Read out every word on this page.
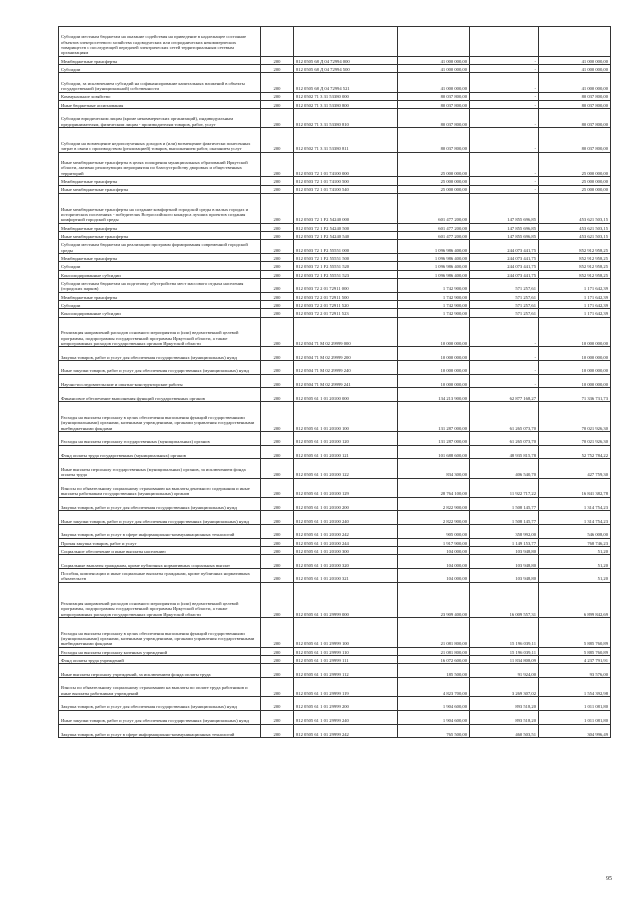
Субсидии местным бюджетам на оказание содействия на приведение в надлежащее состояние объектов электросетевого хозяйства садоводческих или огороднических некоммерческих товариществ с последующей передачей электрических сетей территориальным сетевым организациям					
Межбюджетные трансферты	200	812 0505 68 Д 04 72994 000	41 000 000,00	-	41 000 000,00
Субсидии	200	812 0505 68 Д 04 72994 500	41 000 000,00	-	41 000 000,00
Субсидии, за исключением субсидий на софинансирование капитальных вложений в объекты государственной (муниципальной) собственности	200	812 0505 68 Д 04 72994 521	41 000 000,00	-	41 000 000,00
Коммунальное хозяйство	200	812 0502 71 3 31 53380 000	80 037 800,00	-	80 037 800,00
Иные бюджетные ассигнования	200	812 0502 71 3 31 53380 800	80 037 800,00	-	80 037 800,00
Субсидии юридическим лицам (кроме некоммерческих организаций), индивидуальным предпринимателям, физическим лицам - производителям товаров, работ, услуг	200	812 0502 71 3 31 53380 810	80 037 800,00	-	80 037 800,00
Субсидии на возмещение недополученных доходов и (или) возмещение фактически понесенных затрат в связи с производством (реализацией) товаров, выполнением работ, оказанием услуг	200	812 0502 71 3 31 53380 811	80 037 800,00	-	80 037 800,00
Иные межбюджетные трансферты в целях поощрения муниципальных образований Иркутской области, активно реализующих мероприятия по благоустройству дворовых и общественных территорий	200	812 0503 72 1 01 74100 000	25 000 000,00	-	25 000 000,00
Межбюджетные трансферты	200	812 0503 72 1 01 74100 500	25 000 000,00	-	25 000 000,00
Иные межбюджетные трансферты	200	812 0503 72 1 01 74100 540	25 000 000,00	-	25 000 000,00
Иные межбюджетные трансферты на создание комфортной городской среды в малых городах и исторических поселениях - победителях Всероссийского конкурса лучших проектов создания комфортной городской среды	200	812 0503 72 1 F2 54240 000	601 477 200,00	147 855 696,85	453 621 503,15
Межбюджетные трансферты	200	812 0503 72 1 F2 54240 500	601 477 200,00	147 855 696,85	453 621 503,15
Иные межбюджетные трансферты	200	812 0503 72 1 F2 54240 540	601 477 200,00	147 855 696,85	453 621 503,15
Субсидии местным бюджетам на реализацию программ формирования современной городской среды	200	812 0503 72 1 F2 55551 000	1 096 986 400,00	244 073 441,75	852 912 958,25
Межбюджетные трансферты	200	812 0503 72 1 F2 55551 500	1 096 986 400,00	244 073 441,75	852 912 958,25
Субсидии	200	812 0503 72 1 F2 55551 520	1 096 986 400,00	244 073 441,75	852 912 958,25
Консолидированные субсидии	200	812 0503 72 1 F2 55551 523	1 096 986 400,00	244 073 441,75	852 912 958,25
Субсидии местным бюджетам на подготовку обустройства мест массового отдыха населения (городских парков)	200	812 0503 72 2 01 72911 000	1 742 900,00	571 257,61	1 171 642,39
Межбюджетные трансферты	200	812 0503 72 2 01 72911 500	1 742 900,00	571 257,61	1 171 642,39
Субсидии	200	812 0503 72 2 01 72911 520	1 742 900,00	571 257,61	1 171 642,39
Консолидированные субсидии	200	812 0503 72 2 01 72911 523	1 742 900,00	571 257,61	1 171 642,39
Реализация направлений расходов основного мероприятия и (или) ведомственной целевой программы, подпрограммы государственной программы Иркутской области, а также непрограммных расходов государственных органов Иркутской области	200	812 0504 71 М 02 29999 000	10 000 000,00	-	10 000 000,00
Закупка товаров, работ и услуг для обеспечения государственных (муниципальных) нужд	200	812 0504 71 М 02 29999 200	10 000 000,00	-	10 000 000,00
Иные закупки товаров, работ и услуг для обеспечения государственных (муниципальных) нужд	200	812 0504 71 М 02 29999 240	10 000 000,00	-	10 000 000,00
Научно-исследовательские и опытно-конструкторские работы	200	812 0504 71 М 02 29999 241	10 000 000,00	-	10 000 000,00
Финансовое обеспечение выполнения функций государственных органов	200	812 0505 61 1 01 20100 000	134 213 900,00	62 877 168,27	71 336 731,73
Расходы на выплаты персоналу в целях обеспечения выполнения функций государственными (муниципальными) органами, казенными учреждениями, органами управления государственными внебюджетными фондами	200	812 0505 61 1 01 20100 100	131 287 000,00	61 265 073,70	70 021 926,30
Расходы на выплаты персоналу государственных (муниципальных) органов	200	812 0505 61 1 01 20100 120	131 287 000,00	61 265 073,70	70 021 926,30
Фонд оплаты труда государственных (муниципальных) органов	200	812 0505 61 1 01 20100 121	101 688 600,00	48 935 815,78	52 752 784,22
Иные выплаты персоналу государственных (муниципальных) органов, за исключением фонда оплаты труда	200	812 0505 61 1 01 20100 122	834 300,00	406 540,70	427 759,30
Взносы по обязательному социальному страхованию на выплаты денежного содержания и иные выплаты работникам государственных (муниципальных) органов	200	812 0505 61 1 01 20100 129	28 764 100,00	11 922 717,22	16 841 382,78
Закупка товаров, работ и услуг для обеспечения государственных (муниципальных) нужд	200	812 0505 61 1 01 20100 200	2 822 900,00	1 508 145,77	1 314 754,23
Иные закупки товаров, работ и услуг для обеспечения государственных (муниципальных) нужд	200	812 0505 61 1 01 20100 240	2 822 900,00	1 508 145,77	1 314 754,23
Закупка товаров, работ и услуг в сфере информационно-коммуникационных технологий	200	812 0505 61 1 01 20100 242	905 000,00	358 992,00	546 008,00
Прочая закупка товаров, работ и услуг	200	812 0505 61 1 01 20100 244	1 917 900,00	1 149 153,77	768 746,23
Социальное обеспечение и иные выплаты населению	200	812 0505 61 1 01 20100 300	104 000,00	103 948,80	51,20
Социальные выплаты гражданам, кроме публичных нормативных социальных выплат	200	812 0505 61 1 01 20100 320	104 000,00	103 948,80	51,20
Пособия, компенсации и иные социальные выплаты гражданам, кроме публичных нормативных обязательств	200	812 0505 61 1 01 20100 321	104 000,00	103 948,80	51,20
Реализация направлений расходов основного мероприятия и (или) ведомственной целевой программы, подпрограммы государственной программы Иркутской области, а также непрограммных расходов государственных органов Иркутской области	200	812 0505 61 1 01 29999 000	23 909 400,00	16 009 557,31	6 899 842,69
Расходы на выплаты персоналу в целях обеспечения выполнения функций государственными (муниципальными) органами, казенными учреждениями, органами управления государственными внебюджетными фондами	200	812 0505 61 1 01 29999 100	21 081 800,00	15 196 039,11	5 885 760,89
Расходы на выплаты персоналу казенных учреждений	200	812 0505 61 1 01 29999 110	21 081 800,00	15 196 039,11	5 885 760,89
Фонд оплаты труда учреждений	200	812 0505 61 1 01 29999 111	16 072 600,00	11 834 808,09	4 237 791,91
Иные выплаты персоналу учреждений, за исключением фонда оплаты труда	200	812 0505 61 1 01 29999 112	185 500,00	91 924,00	93 576,00
Взносы по обязательному социальному страхованию на выплаты по оплате труда работников и иные выплаты работникам учреждений	200	812 0505 61 1 01 29999 119	4 823 700,00	3 269 307,02	1 554 392,98
Закупка товаров, работ и услуг для обеспечения государственных (муниципальных) нужд	200	812 0505 61 1 01 29999 200	1 904 600,00	893 518,20	1 011 081,80
Иные закупки товаров, работ и услуг для обеспечения государственных (муниципальных) нужд	200	812 0505 61 1 01 29999 240	1 904 600,00	893 518,20	1 011 081,80
Закупка товаров, работ и услуг в сфере информационно-коммуникационных технологий	200	812 0505 61 1 01 29999 242	765 500,00	460 503,51	304 996,49
95
